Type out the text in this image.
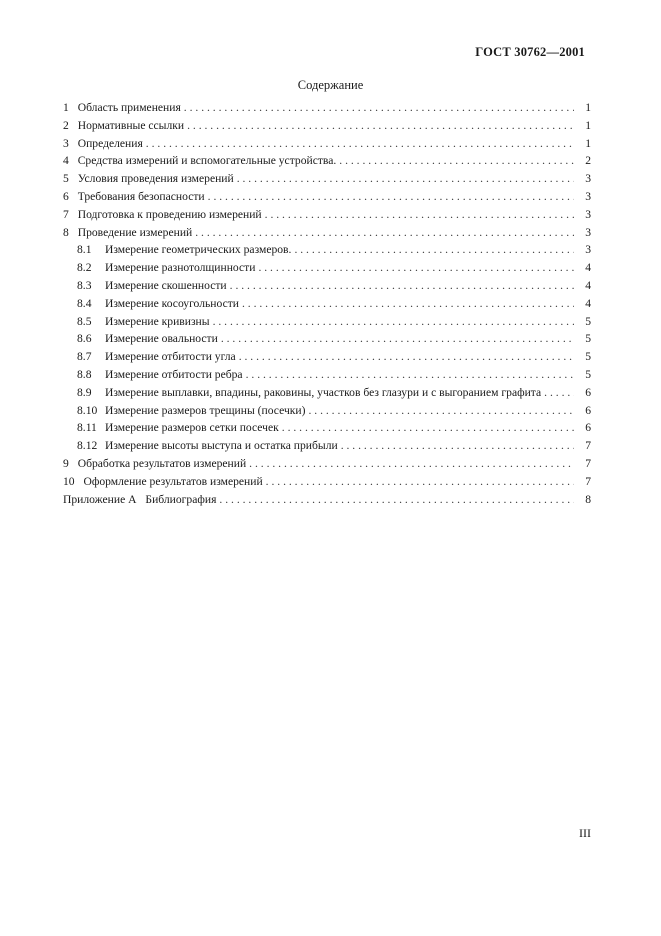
ГОСТ 30762—2001
Содержание
1 Область применения . . .	1
2 Нормативные ссылки . . .	1
3 Определения . . .	1
4 Средства измерений и вспомогательные устройства. . . .	2
5 Условия проведения измерений . . .	3
6 Требования безопасности . . .	3
7 Подготовка к проведению измерений . . .	3
8 Проведение измерений . . .	3
8.1	Измерение геометрических размеров. . . .	3
8.2	Измерение разнотолщинности . . .	4
8.3	Измерение скошенности . . .	4
8.4	Измерение косоугольности . . .	4
8.5	Измерение кривизны . . .	5
8.6	Измерение овальности . . .	5
8.7	Измерение отбитости угла . . .	5
8.8	Измерение отбитости ребра . . .	5
8.9	Измерение выплавки, впадины, раковины, участков без глазури и с выгоранием графита . . .	6
8.10 Измерение размеров трещины (посечки) . . .	6
8.11 Измерение размеров сетки посечек . . .	6
8.12 Измерение высоты выступа и остатка прибыли . . .	7
9 Обработка результатов измерений . . .	7
10 Оформление результатов измерений . . .	7
Приложение А Библиография . . .	8
III
